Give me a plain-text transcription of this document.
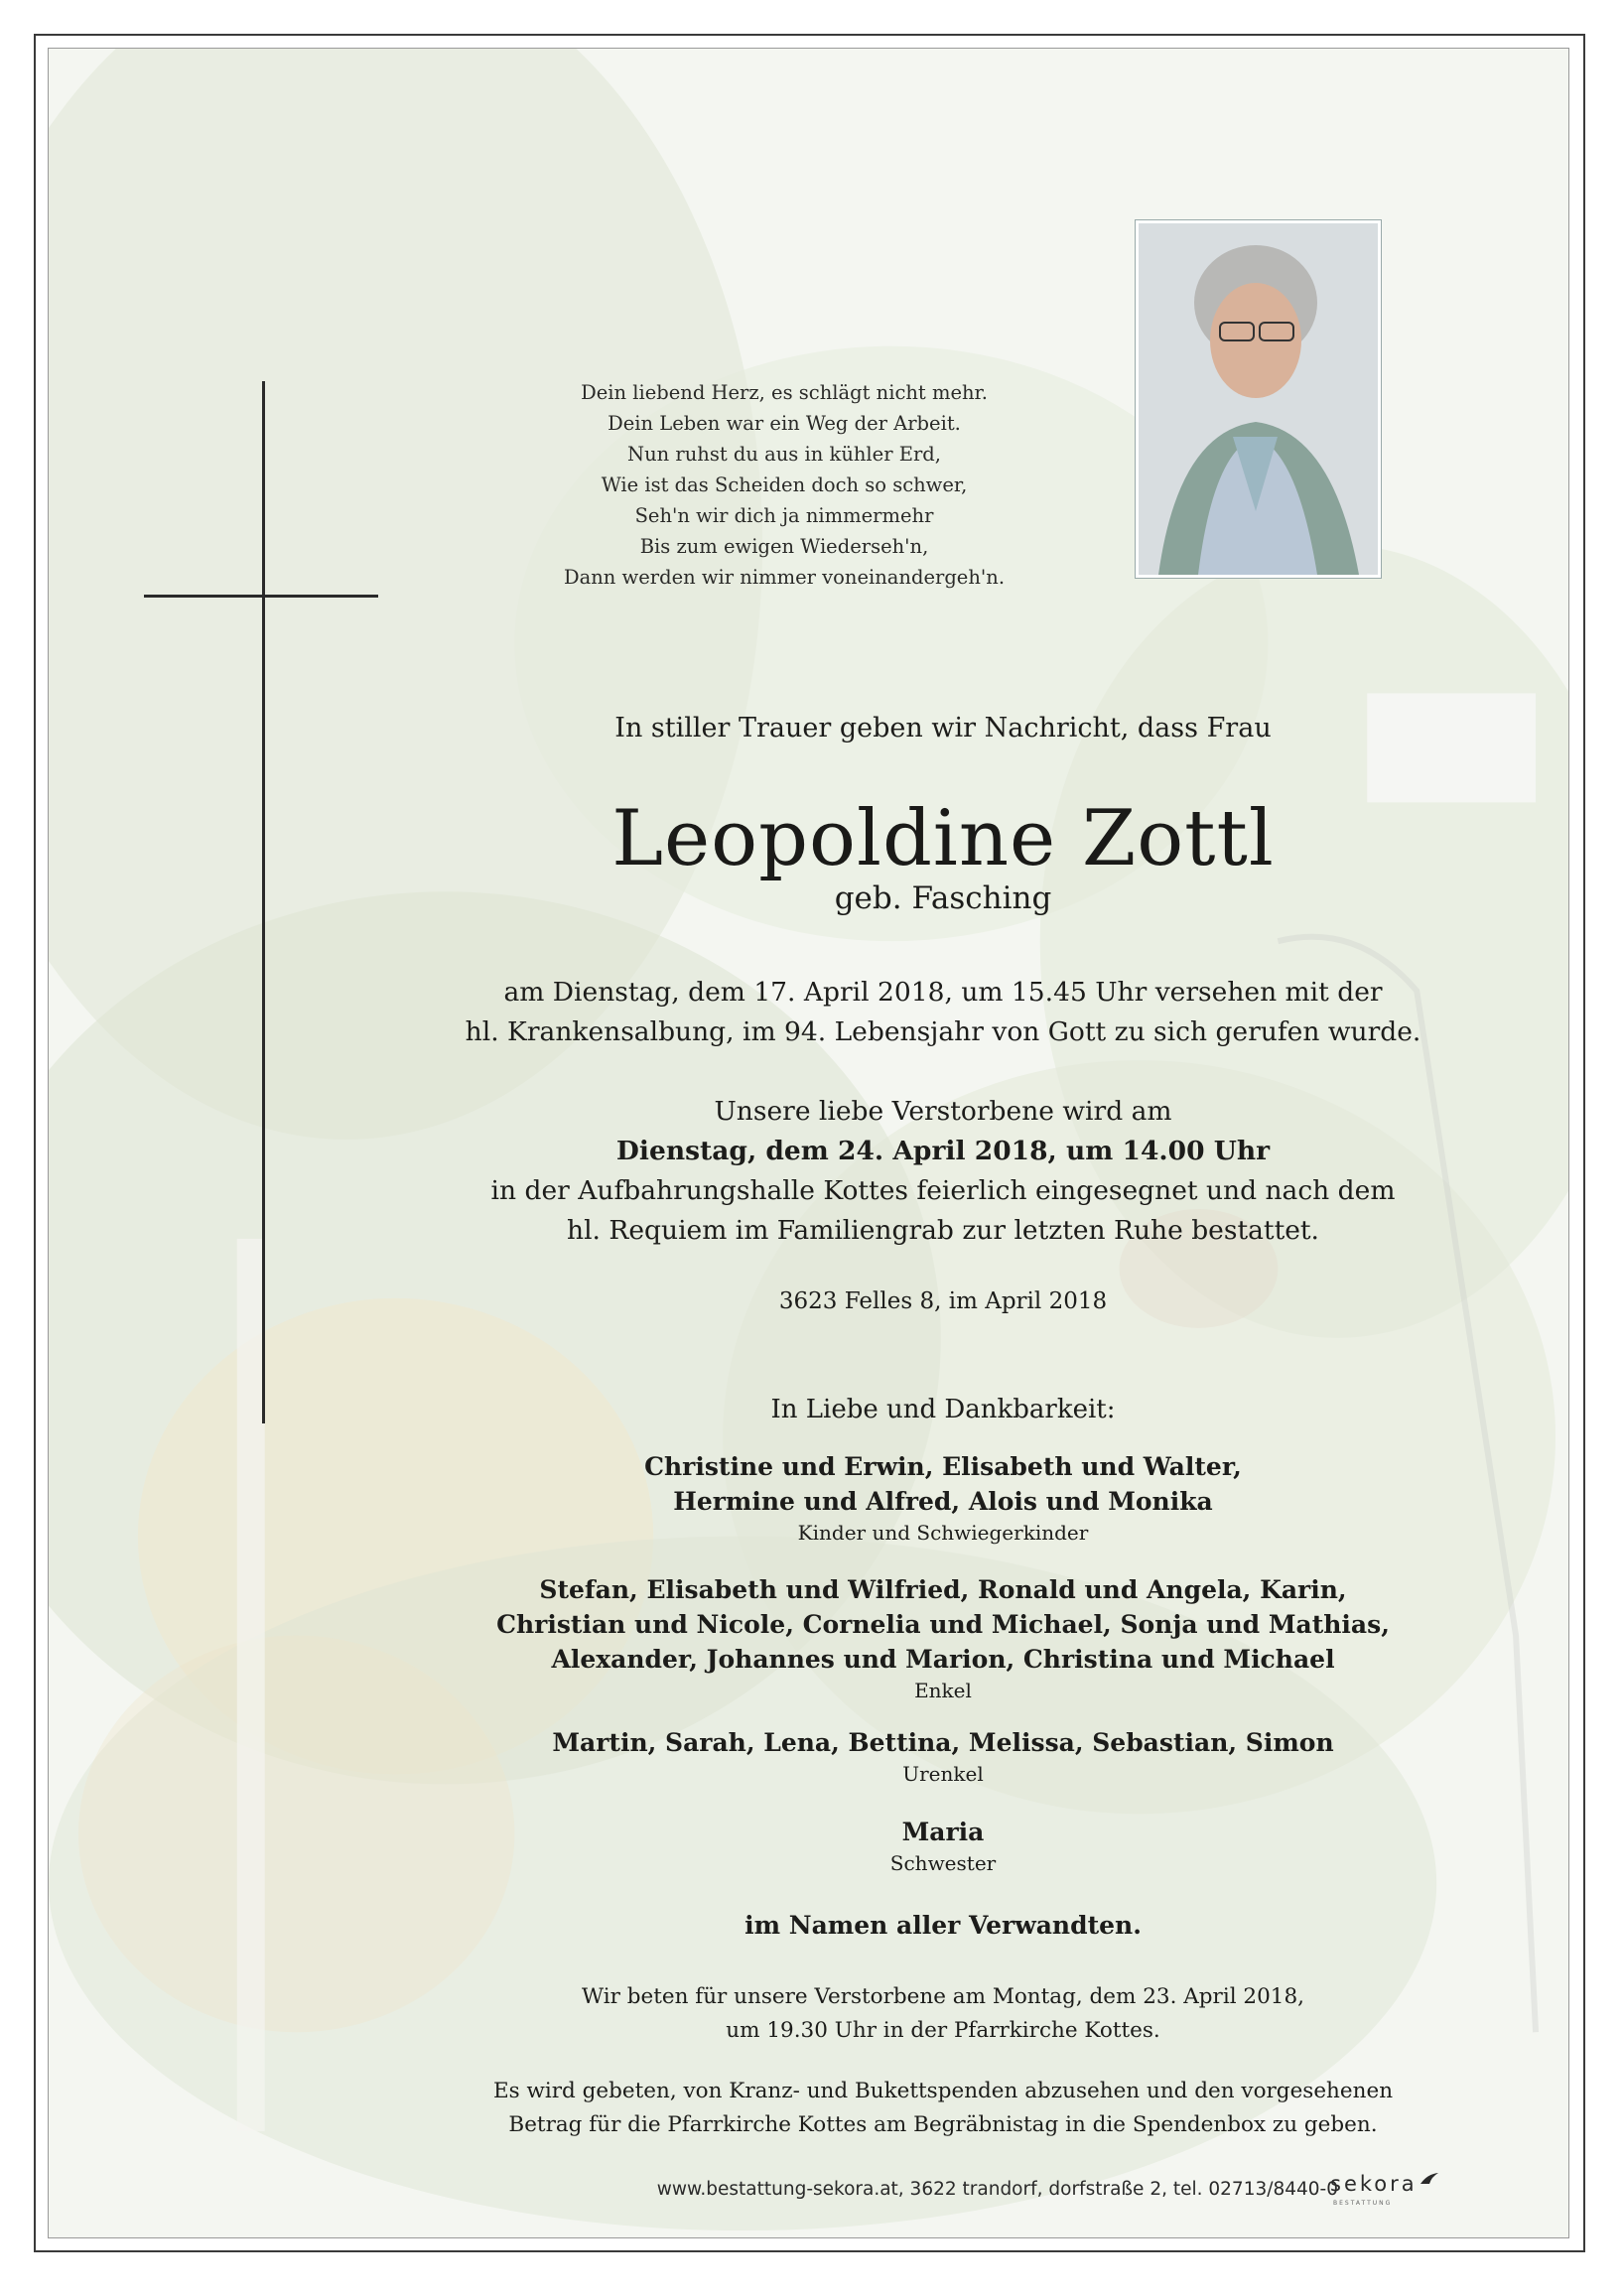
Dein liebend Herz, es schlägt nicht mehr.
Dein Leben war ein Weg der Arbeit.
Nun ruhst du aus in kühler Erd,
Wie ist das Scheiden doch so schwer,
Seh'n wir dich ja nimmermehr
Bis zum ewigen Wiederseh'n,
Dann werden wir nimmer voneinandergeh'n.
In stiller Trauer geben wir Nachricht, dass Frau
Leopoldine Zottl
geb. Fasching
am Dienstag, dem 17. April 2018, um 15.45 Uhr versehen mit der
hl. Krankensalbung, im 94. Lebensjahr von Gott zu sich gerufen wurde.
Unsere liebe Verstorbene wird am
Dienstag, dem 24. April 2018, um 14.00 Uhr
in der Aufbahrungshalle Kottes feierlich eingesegnet und nach dem
hl. Requiem im Familiengrab zur letzten Ruhe bestattet.
3623 Felles 8, im April 2018
In Liebe und Dankbarkeit:
Christine und Erwin, Elisabeth und Walter,
Hermine und Alfred, Alois und Monika
Kinder und Schwiegerkinder
Stefan, Elisabeth und Wilfried, Ronald und Angela, Karin,
Christian und Nicole, Cornelia und Michael, Sonja und Mathias,
Alexander, Johannes und Marion, Christina und Michael
Enkel
Martin, Sarah, Lena, Bettina, Melissa, Sebastian, Simon
Urenkel
Maria
Schwester
im Namen aller Verwandten.
Wir beten für unsere Verstorbene am Montag, dem 23. April 2018,
um 19.30 Uhr in der Pfarrkirche Kottes.
Es wird gebeten, von Kranz- und Bukettspenden abzusehen und den vorgesehenen
Betrag für die Pfarrkirche Kottes am Begräbnistag in die Spendenbox zu geben.
www.bestattung-sekora.at, 3622 trandorf, dorfstraße 2, tel. 02713/8440-0
sekora
BESTATTUNG
